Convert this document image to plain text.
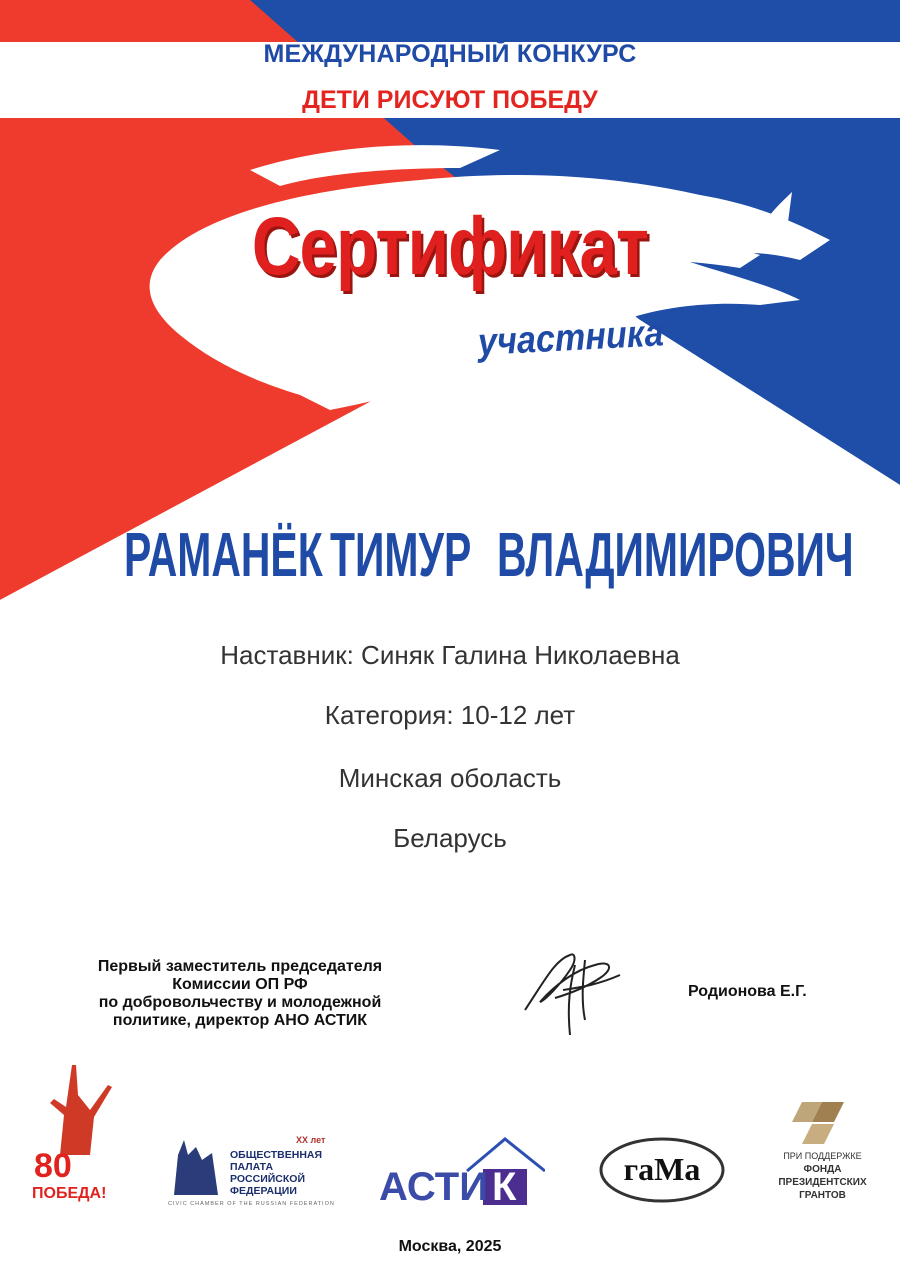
МЕЖДУНАРОДНЫЙ КОНКУРС
ДЕТИ РИСУЮТ ПОБЕДУ
Сертификат
участника
РАМАНЁК ТИМУР ВЛАДИМИРОВИЧ
Наставник: Синяк Галина Николаевна
Категория: 10-12 лет
Минская оболасть
Беларусь
Первый заместитель председателя
Комиссии ОП РФ
по добровольчеству и молодежной
политике, директор АНО АСТИК
Родионова Е.Г.
80
ПОБЕДА!
ОБЩЕСТВЕННАЯ
ПАЛАТА
РОССИЙСКОЙ
ФЕДЕРАЦИИ
XX лет
CIVIC CHAMBER OF THE RUSSIAN FEDERATION АСТИ К	гаМа	ПРИ ПОДДЕРЖКЕ
ФОНДА
ПРЕЗИДЕНТСКИХ
ГРАНТОВ
Москва, 2025
